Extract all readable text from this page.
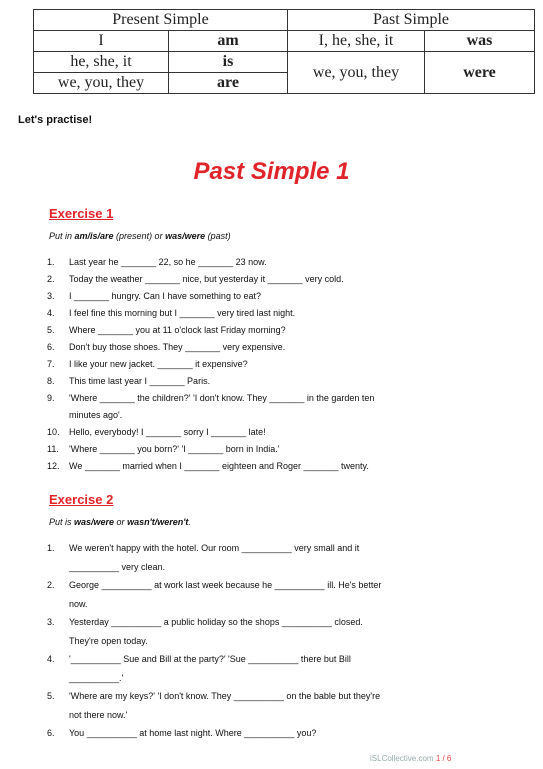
Present Simple		Past Simple	
I	am	I, he, she, it	was
he, she, it	is	we, you, they	were
we, you, they	are		
Let's practise!
Past Simple 1
Exercise 1
Put in am/is/are (present) or was/were (past)
1.	Last year he _______ 22, so he _______ 23 now.
2.	Today the weather _______ nice, but yesterday it _______ very cold.
3.	I _______ hungry. Can I have something to eat?
4.	I feel fine this morning but I _______ very tired last night.
5.	Where _______ you at 11 o'clock last Friday morning?
6.	Don't buy those shoes. They _______ very expensive.
7.	I like your new jacket. _______ it expensive?
8.	This time last year I _______ Paris.
9.	'Where _______ the children?' 'I don't know. They _______ in the garden ten
minutes ago'.
10.	Hello, everybody! I _______ sorry I _______ late!
11.	'Where _______ you born?' 'I _______ born in India.'
12.	We _______ married when I _______ eighteen and Roger _______ twenty.
Exercise 2
Put is was/were or wasn't/weren't.
1.	We weren't happy with the hotel. Our room __________ very small and it
__________ very clean.
2.	George __________ at work last week because he __________ ill. He's better
now.
3.	Yesterday __________ a public holiday so the shops __________ closed.
They're open today.
4.	'__________ Sue and Bill at the party?' 'Sue __________ there but Bill
__________.'
5.	'Where are my keys?' 'I don't know. They __________ on the bable but they're
not there now.'
6.	You __________ at home last night. Where __________ you?
iSLCollective.com 1 / 6
